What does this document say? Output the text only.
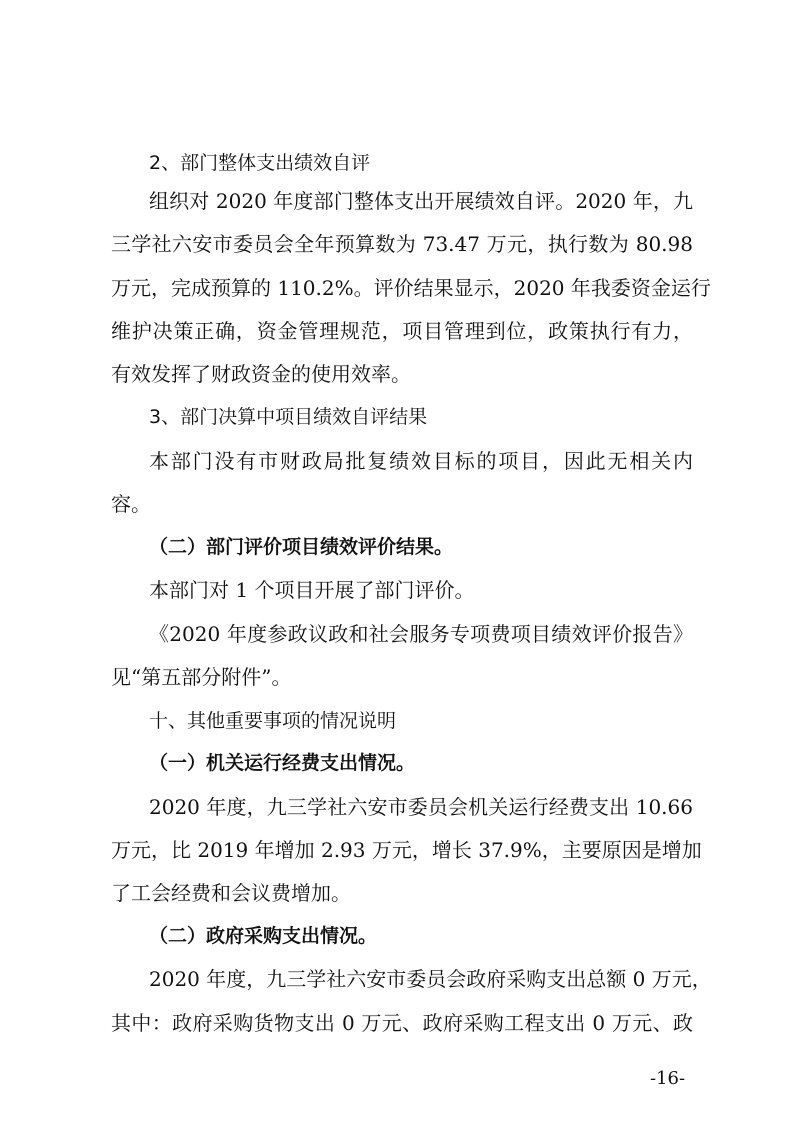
2、部门整体支出绩效自评

组织对 2020 年度部门整体支出开展绩效自评。2020 年，九

三学社六安市委员会全年预算数为 73.47 万元，执行数为 80.98

万元，完成预算的 110.2%。评价结果显示，2020 年我委资金运行

维护决策正确，资金管理规范，项目管理到位，政策执行有力，

有效发挥了财政资金的使用效率。

3、部门决算中项目绩效自评结果

本部门没有市财政局批复绩效目标的项目，因此无相关内

容。

（二）部门评价项目绩效评价结果。

本部门对 1 个项目开展了部门评价。

《2020 年度参政议政和社会服务专项费项目绩效评价报告》

见“第五部分附件”。

十、其他重要事项的情况说明

（一）机关运行经费支出情况。

2020 年度，九三学社六安市委员会机关运行经费支出 10.66

万元，比 2019 年增加 2.93 万元，增长 37.9%，主要原因是增加

了工会经费和会议费增加。

（二）政府采购支出情况。

2020 年度，九三学社六安市委员会政府采购支出总额 0 万元，

其中：政府采购货物支出 0 万元、政府采购工程支出 0 万元、政

-16-
